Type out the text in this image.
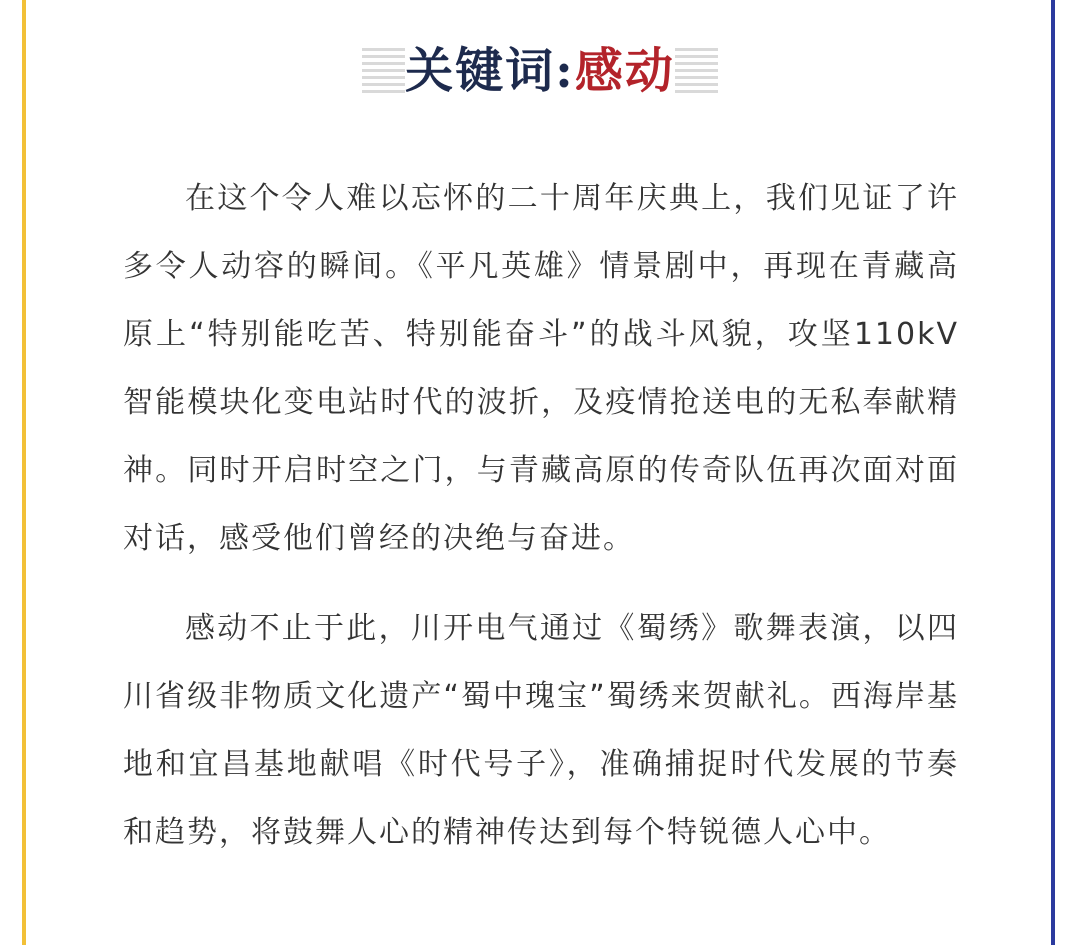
关键词:感动

在这个令人难以忘怀的二十周年庆典上，我们见证了许多令人动容的瞬间。《平凡英雄》情景剧中，再现在青藏高原上“特别能吃苦、特别能奋斗”的战斗风貌，攻坚110kV智能模块化变电站时代的波折，及疫情抢送电的无私奉献精神。同时开启时空之门，与青藏高原的传奇队伍再次面对面对话，感受他们曾经的决绝与奋进。

感动不止于此，川开电气通过《蜀绣》歌舞表演，以四川省级非物质文化遗产“蜀中瑰宝”蜀绣来贺献礼。西海岸基地和宜昌基地献唱《时代号子》，准确捕捉时代发展的节奏和趋势，将鼓舞人心的精神传达到每个特锐德人心中。
